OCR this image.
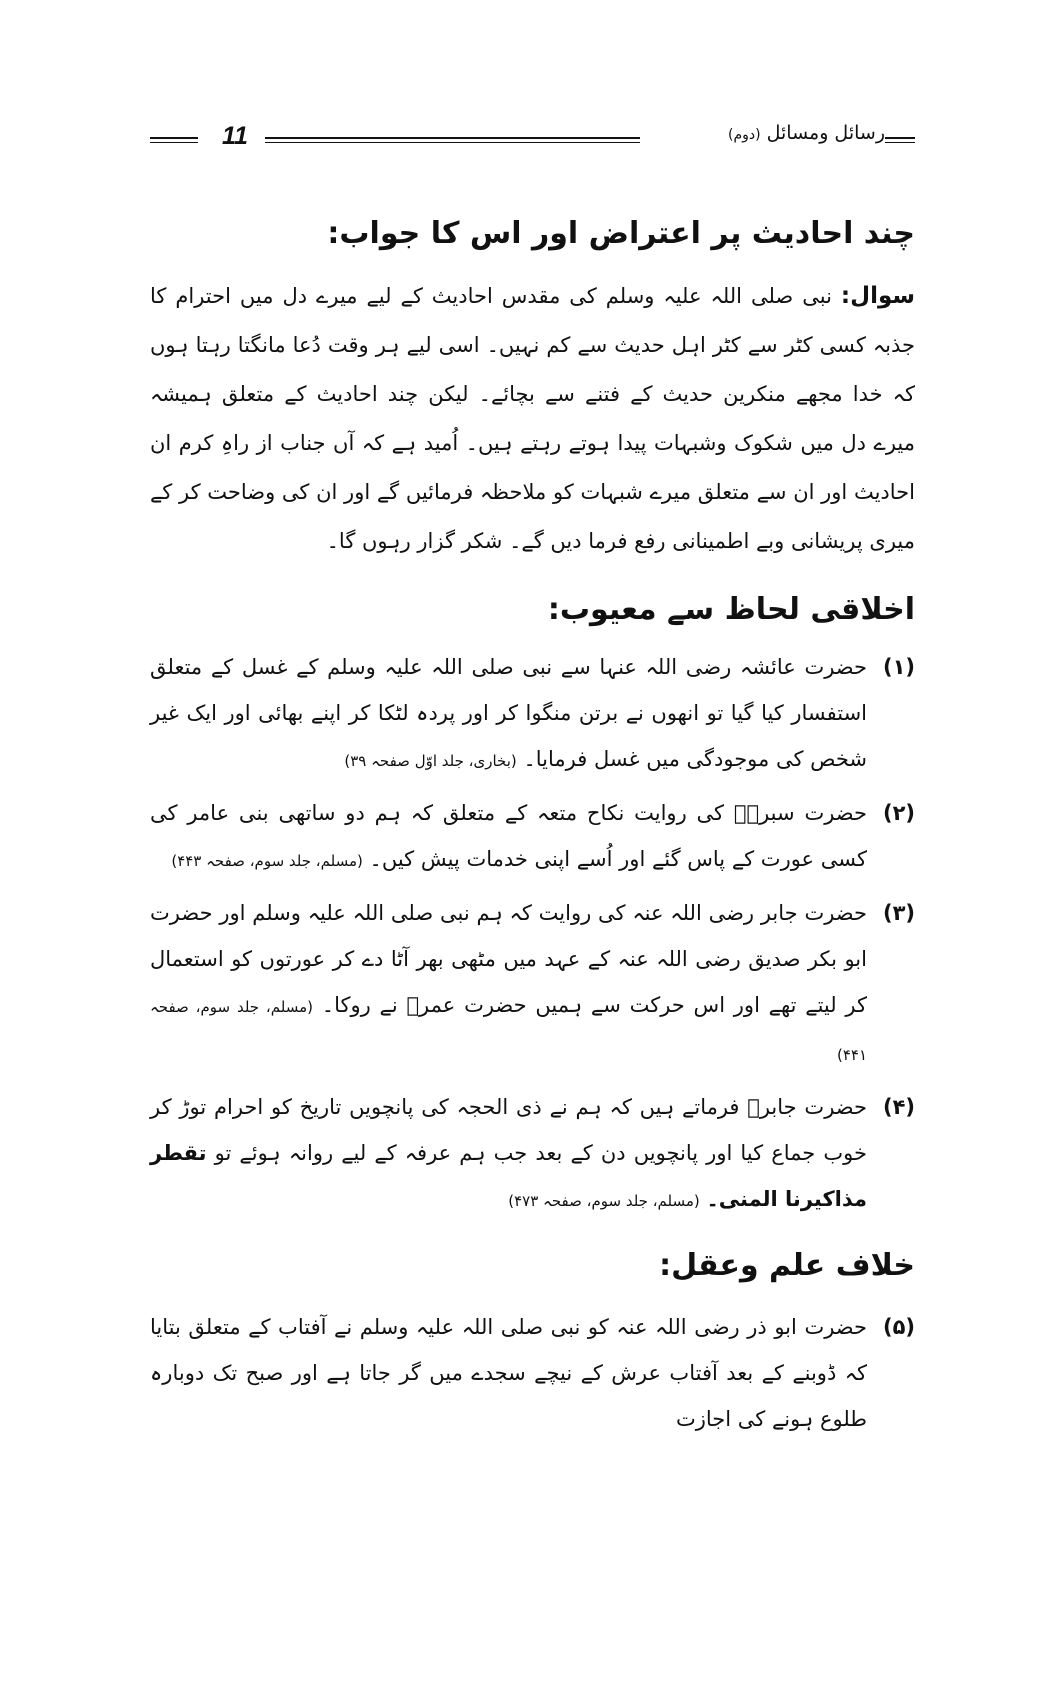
11	رسائل ومسائل (دوم)
چند احادیث پر اعتراض اور اس کا جواب:

سوال: نبی صلی اللہ علیہ وسلم کی مقدس احادیث کے لیے میرے دل میں احترام کا جذبہ کسی کٹر سے کٹر اہل حدیث سے کم نہیں۔ اسی لیے ہر وقت دُعا مانگتا رہتا ہوں کہ خدا مجھے منکرین حدیث کے فتنے سے بچائے۔ لیکن چند احادیث کے متعلق ہمیشہ میرے دل میں شکوک وشبہات پیدا ہوتے رہتے ہیں۔ اُمید ہے کہ آں جناب از راہِ کرم ان احادیث اور ان سے متعلق میرے شبہات کو ملاحظہ فرمائیں گے اور ان کی وضاحت کر کے میری پریشانی وبے اطمینانی رفع فرما دیں گے۔ شکر گزار رہوں گا۔

اخلاقی لحاظ سے معیوب:
(۱)
حضرت عائشہ رضی اللہ عنہا سے نبی صلی اللہ علیہ وسلم کے غسل کے متعلق استفسار کیا گیا تو انھوں نے برتن منگوا کر اور پردہ لٹکا کر اپنے بھائی اور ایک غیر شخص کی موجودگی میں غسل فرمایا۔ (بخاری، جلد اوّل صفحہ ۳۹)
(۲)
حضرت سبرہؓ کی روایت نکاح متعہ کے متعلق کہ ہم دو ساتھی بنی عامر کی کسی عورت کے پاس گئے اور اُسے اپنی خدمات پیش کیں۔ (مسلم، جلد سوم، صفحہ ۴۴۳)
(۳)
حضرت جابر رضی اللہ عنہ کی روایت کہ ہم نبی صلی اللہ علیہ وسلم اور حضرت ابو بکر صدیق رضی اللہ عنہ کے عہد میں مٹھی بھر آٹا دے کر عورتوں کو استعمال کر لیتے تھے اور اس حرکت سے ہمیں حضرت عمرؓ نے روکا۔ (مسلم، جلد سوم، صفحہ ۴۴۱)
(۴)
حضرت جابرؓ فرماتے ہیں کہ ہم نے ذی الحجہ کی پانچویں تاریخ کو احرام توڑ کر خوب جماع کیا اور پانچویں دن کے بعد جب ہم عرفہ کے لیے روانہ ہوئے تو تقطر مذاکیرنا المنی۔ (مسلم، جلد سوم، صفحہ ۴۷۳)
خلاف علم وعقل:
(۵)
حضرت ابو ذر رضی اللہ عنہ کو نبی صلی اللہ علیہ وسلم نے آفتاب کے متعلق بتایا کہ ڈوبنے کے بعد آفتاب عرش کے نیچے سجدے میں گر جاتا ہے اور صبح تک دوبارہ طلوع ہونے کی اجازت
